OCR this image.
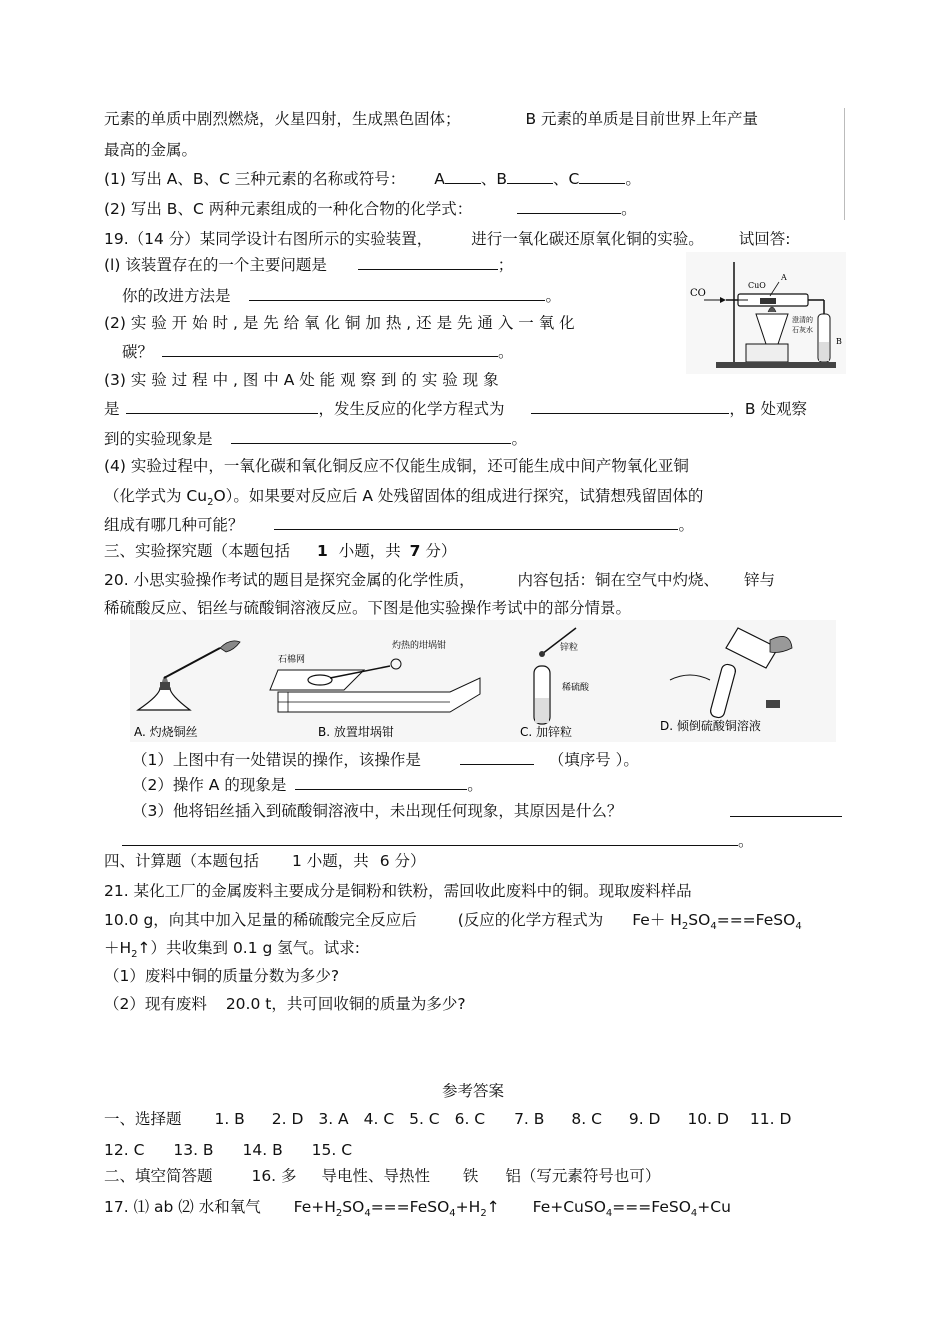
元素的单质中剧烈燃烧，火星四射，生成黑色固体；	B 元素的单质是目前世界上年产量
最高的金属。
(1) 写出 A、B、C 三种元素的名称或符号： A 、B	、C	。
(2) 写出 B、C 两种元素组成的一种化合物的化学式：	。
19.（14 分）某同学设计右图所示的实验装置，	进行一氧化碳还原氧化铜的实验。 试回答:
(l) 该装置存在的一个主要问题是	；
你的改进方法是	。
(2) 实 验 开 始 时 , 是 先 给 氧 化 铜 加 热 , 还 是 先 通 入 一 氧 化
碳？	。
(3) 实 验 过 程 中 , 图 中 A 处 能 观 察 到 的 实 验 现 象
是	，发生反应的化学方程式为	，B 处观察
到的实验现象是	。
(4) 实验过程中，一氧化碳和氧化铜反应不仅能生成铜，还可能生成中间产物氧化亚铜
（化学式为 $Cu_2O$）。如果要对反应后 A 处残留固体的组成进行探究，试猜想残留固体的
组成有哪几种可能？	。
CO
CuO
A
B
澄清的
石灰水
三、实验探究题（本题包括 1 小题，共 7 分）
20. 小思实验操作考试的题目是探究金属的化学性质，	内容包括：铜在空气中灼烧、 锌与
稀硫酸反应、铝丝与硫酸铜溶液反应。下图是他实验操作考试中的部分情景。
A. 灼烧铜丝
石棉网
灼热的坩埚钳
B. 放置坩埚钳
锌粒
稀硫酸
C. 加锌粒	D. 倾倒硫酸铜溶液
（1）上图中有一处错误的操作，该操作是	（填序号 ）。
（2）操作 A 的现象是	。
（3）他将铝丝插入到硫酸铜溶液中，未出现任何现象，其原因是什么？
。
四、计算题（本题包括 1 小题，共 6 分）
21. 某化工厂的金属废料主要成分是铜粉和铁粉，需回收此废料中的铜。现取废料样品
10.0 g，向其中加入足量的稀硫酸完全反应后	(反应的化学方程式为 $Fe+ H_2SO_4===FeSO_4$
$+H_2↑$）共收集到 0.1 g 氢气。试求:
（1）废料中铜的质量分数为多少?
（2）现有废料 20.0 t，共可回收铜的质量为多少?
参考答案
一、选择题 1. B 2. D 3. A 4. C 5. C 6. C 7. B 8. C 9. D 10. D 11. D
12. C 13. B 14. B 15. C
二、填空简答题	16. 多 导电性、导热性 铁 铝（写元素符号也可）
17. ⑴ ab ⑵ 水和氧气 $Fe+H_2SO_4===FeSO_4+H_2↑$ Fe+CuSO$_4$===FeSO$_4$+Cu
